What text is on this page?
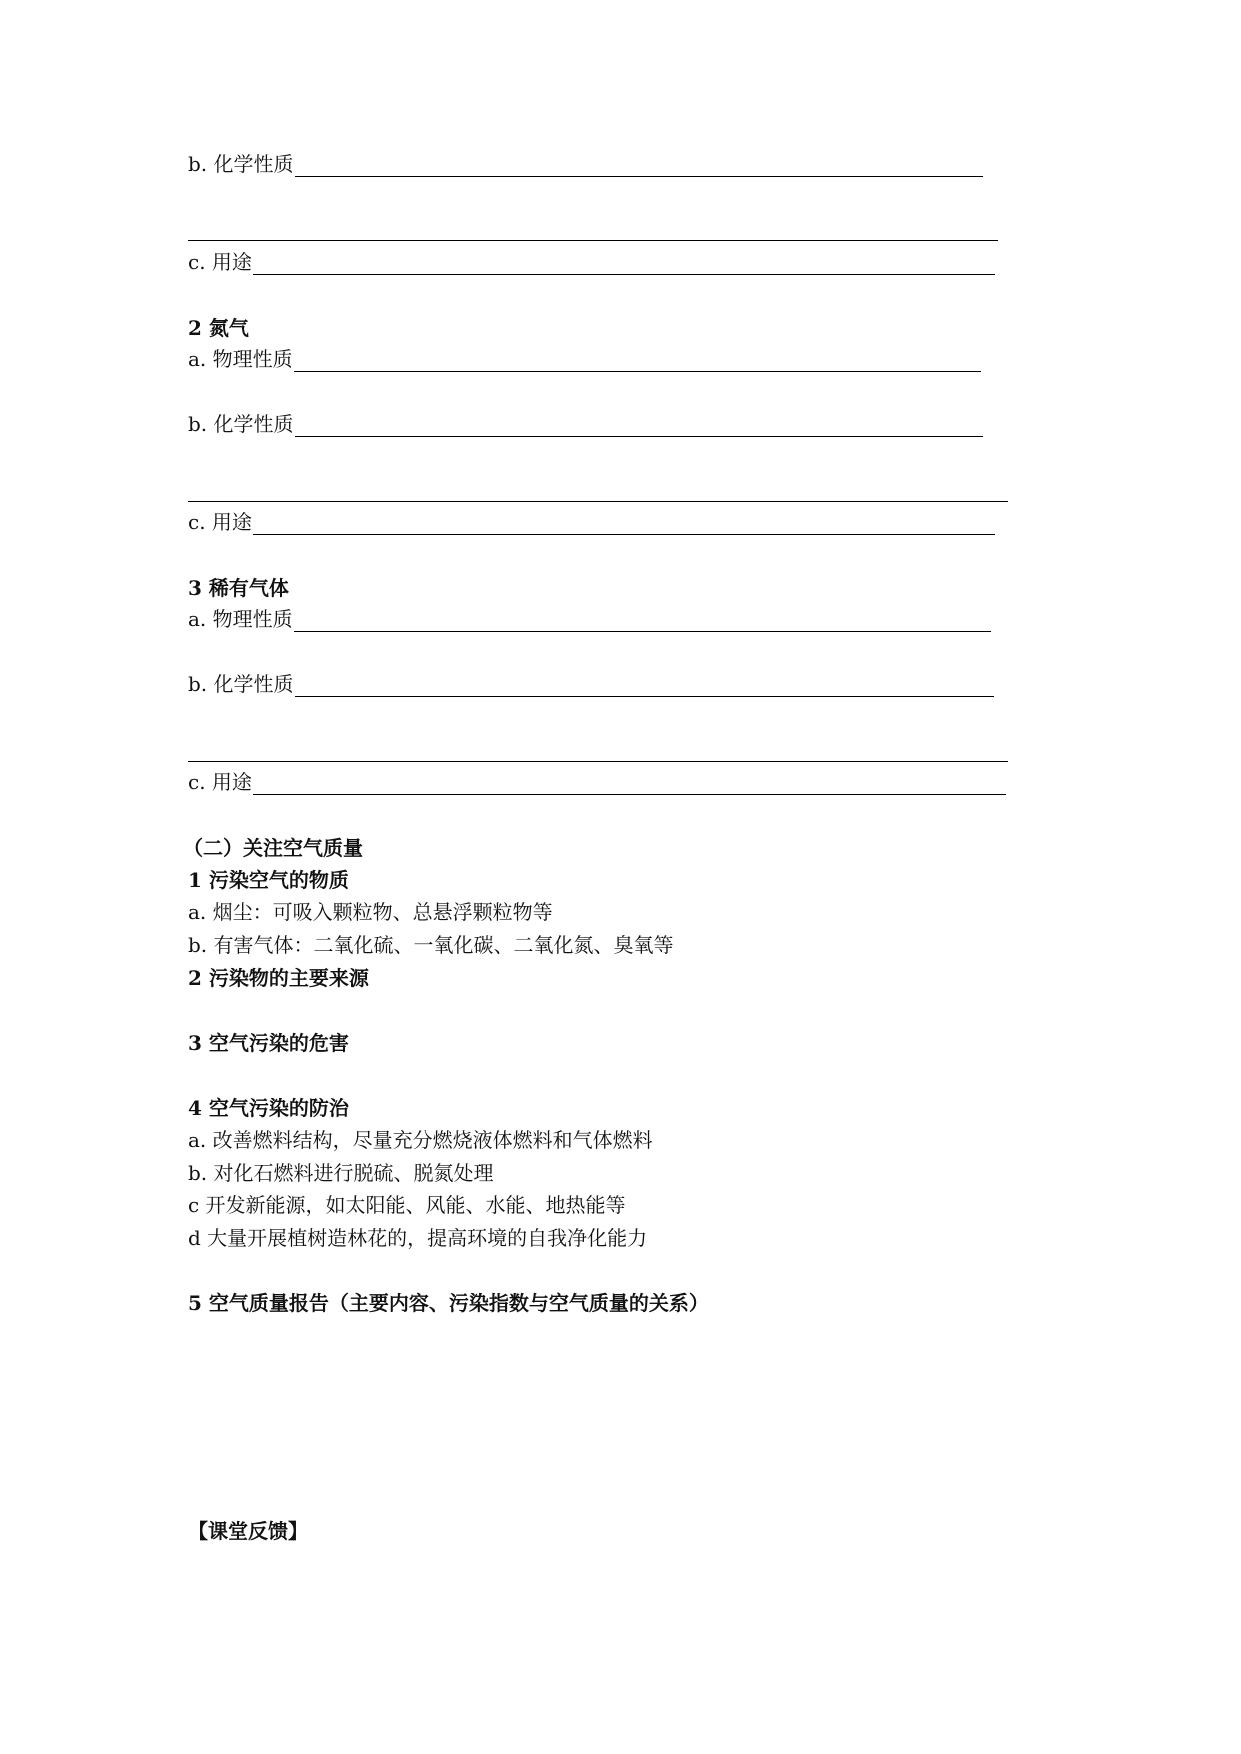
b. 化学性质
c. 用途
2 氮气
a. 物理性质
b. 化学性质
c. 用途
3 稀有气体
a. 物理性质
b. 化学性质
c. 用途
（二）关注空气质量
1 污染空气的物质
a. 烟尘：可吸入颗粒物、总悬浮颗粒物等
b. 有害气体：二氧化硫、一氧化碳、二氧化氮、臭氧等
2 污染物的主要来源
3 空气污染的危害
4 空气污染的防治
a. 改善燃料结构，尽量充分燃烧液体燃料和气体燃料
b. 对化石燃料进行脱硫、脱氮处理
c 开发新能源，如太阳能、风能、水能、地热能等
d 大量开展植树造林花的，提高环境的自我净化能力
5 空气质量报告（主要内容、污染指数与空气质量的关系）
【课堂反馈】
